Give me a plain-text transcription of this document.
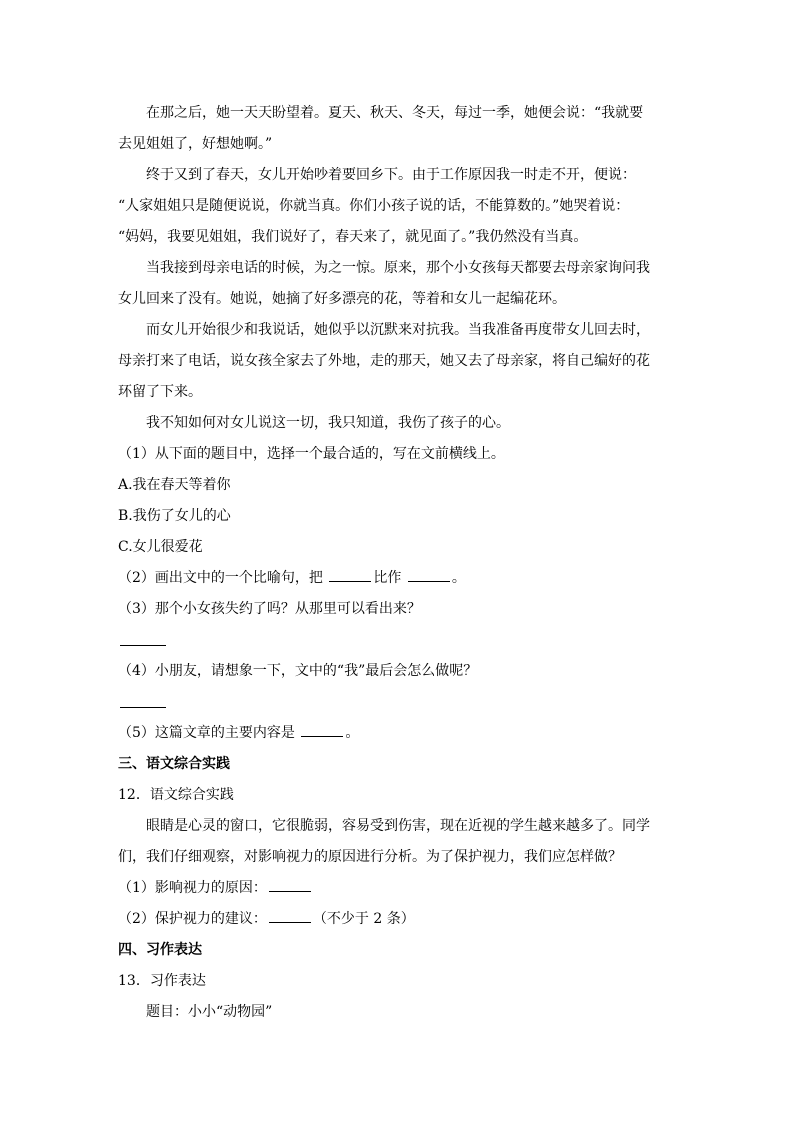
在那之后，她一天天盼望着。夏天、秋天、冬天，每过一季，她便会说：“我就要

去见姐姐了，好想她啊。”

终于又到了春天，女儿开始吵着要回乡下。由于工作原因我一时走不开，便说：

“人家姐姐只是随便说说，你就当真。你们小孩子说的话，不能算数的。”她哭着说：

“妈妈，我要见姐姐，我们说好了，春天来了，就见面了。”我仍然没有当真。

当我接到母亲电话的时候，为之一惊。原来，那个小女孩每天都要去母亲家询问我

女儿回来了没有。她说，她摘了好多漂亮的花，等着和女儿一起编花环。

而女儿开始很少和我说话，她似乎以沉默来对抗我。当我准备再度带女儿回去时，

母亲打来了电话，说女孩全家去了外地，走的那天，她又去了母亲家，将自己编好的花

环留了下来。

我不知如何对女儿说这一切，我只知道，我伤了孩子的心。

（1）从下面的题目中，选择一个最合适的，写在文前横线上。

A.我在春天等着你

B.我伤了女儿的心

C.女儿很爱花

（2）画出文中的一个比喻句，把	比作	。

（3）那个小女孩失约了吗？从那里可以看出来？

（4）小朋友，请想象一下，文中的“我”最后会怎么做呢？

（5）这篇文章的主要内容是	。

三、语文综合实践

12．语文综合实践

眼睛是心灵的窗口，它很脆弱，容易受到伤害，现在近视的学生越来越多了。同学

们，我们仔细观察，对影响视力的原因进行分析。为了保护视力，我们应怎样做？

（1）影响视力的原因：

（2）保护视力的建议：	（不少于 2 条）

四、习作表达

13．习作表达

题目：小小“动物园”
